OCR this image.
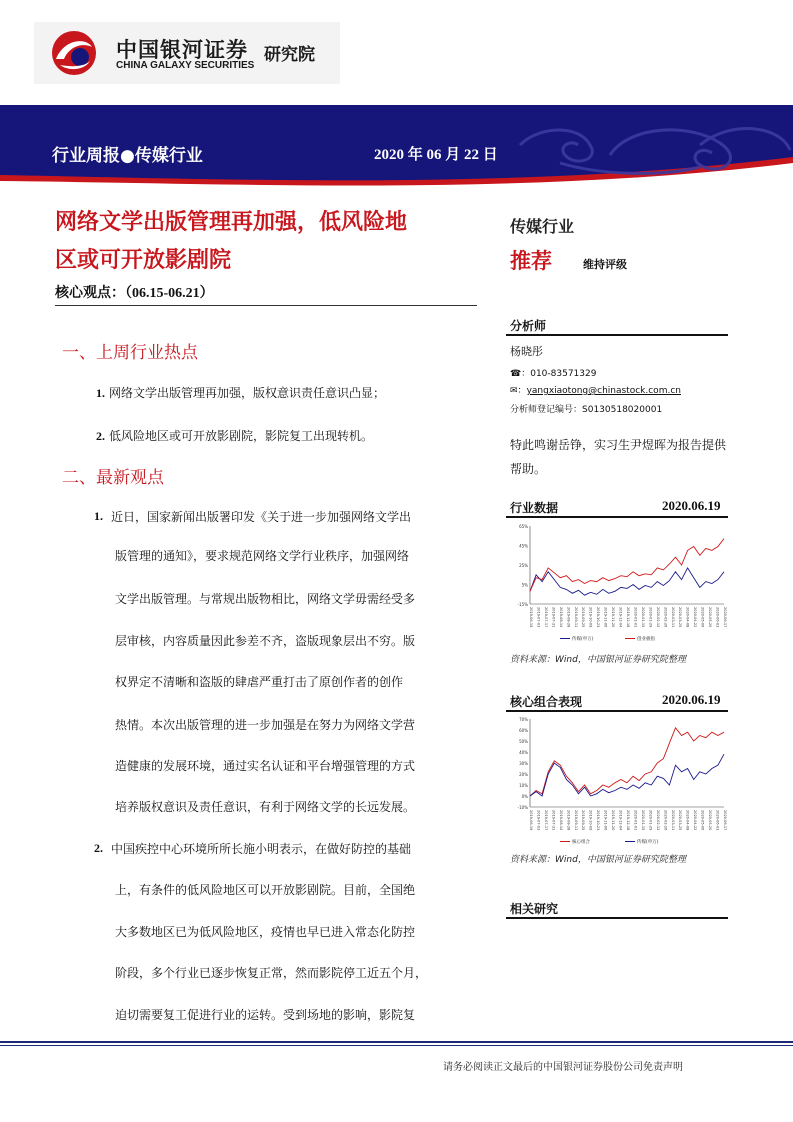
中国银河证券
CHINA GALAXY SECURITIES
研究院
行业周报●传媒行业	2020 年 06 月 22 日
网络文学出版管理再加强，低风险地
区或可开放影剧院
核心观点：（06.15-06.21）
一、上周行业热点
1. 网络文学出版管理再加强，版权意识责任意识凸显；
2. 低风险地区或可开放影剧院，影院复工出现转机。
二、最新观点
1. 近日，国家新闻出版署印发《关于进一步加强网络文学出
版管理的通知》，要求规范网络文学行业秩序，加强网络
文学出版管理。与常规出版物相比，网络文学毋需经受多
层审核，内容质量因此参差不齐，盗版现象层出不穷。版
权界定不清晰和盗版的肆虐严重打击了原创作者的创作
热情。本次出版管理的进一步加强是在努力为网络文学营
造健康的发展环境，通过实名认证和平台增强管理的方式
培养版权意识及责任意识，有利于网络文学的长远发展。
2. 中国疾控中心环境所所长施小明表示，在做好防控的基础
上，有条件的低风险地区可以开放影剧院。目前，全国绝
大多数地区已为低风险地区，疫情也早已进入常态化防控
阶段，多个行业已逐步恢复正常，然而影院停工近五个月，
迫切需要复工促进行业的运转。受到场地的影响，影院复
传媒行业
推荐	维持评级
分析师
杨晓彤
☎：010-83571329
✉：yangxiaotong@chinastock.com.cn
分析师登记编号：S0130518020001
特此鸣谢岳铮，实习生尹煜晖为报告提供帮助。
行业数据	2020.06.19
65%
45%
25%
5%
-15%
2019-06-19 2019-07-03 2019-07-17 2019-07-31 2019-08-14 2019-08-28 2019-09-11 2019-09-25 2019-10-09 2019-10-23 2019-11-06 2019-11-20 2019-12-04 2019-12-18 2020-01-01 2020-01-15 2020-01-29 2020-02-12 2020-02-26 2020-03-11 2020-03-25 2020-04-08 2020-04-22 2020-05-06 2020-05-20 2020-06-03 2020-06-17
传媒(申万)	创业板指
资料来源：Wind，中国银河证券研究院整理
核心组合表现	2020.06.19
70%
60%
50%
40%
30%
20%
10%
0%
-10%
2019-06-19 2019-07-03 2019-07-17 2019-07-31 2019-08-14 2019-08-28 2019-09-11 2019-09-25 2019-10-09 2019-10-23 2019-11-06 2019-11-20 2019-12-04 2019-12-18 2020-01-01 2020-01-15 2020-01-29 2020-02-12 2020-02-26 2020-03-11 2020-03-25 2020-04-08 2020-04-22 2020-05-06 2020-05-20 2020-06-03 2020-06-17
核心组合	传媒(申万)
资料来源：Wind，中国银河证券研究院整理
相关研究
请务必阅读正文最后的中国银河证券股份公司免责声明
